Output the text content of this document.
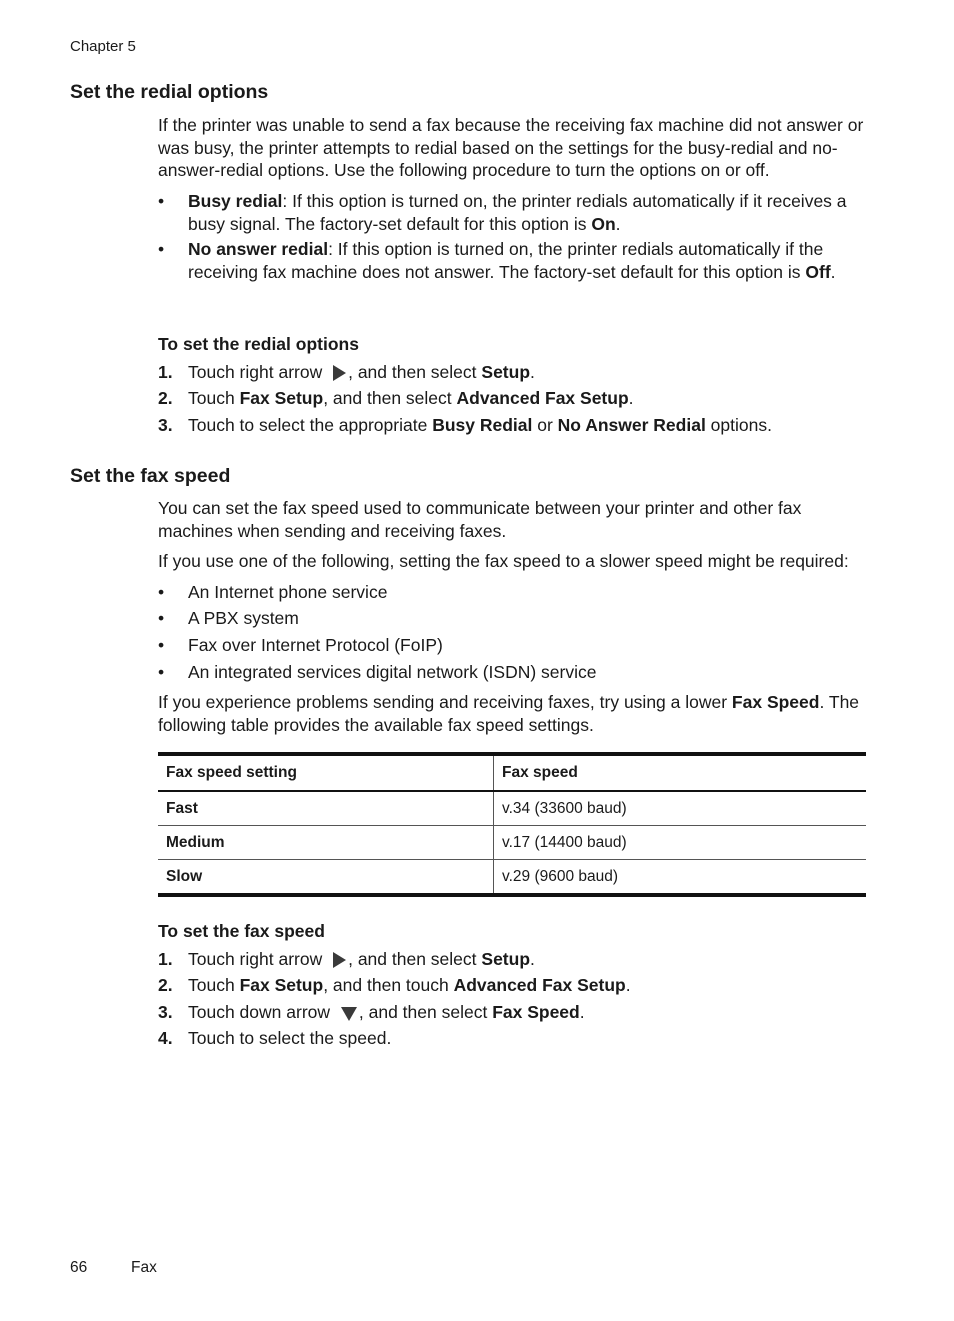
Chapter 5
Set the redial options

If the printer was unable to send a fax because the receiving fax machine did not answer or was busy, the printer attempts to redial based on the settings for the busy-redial and no-answer-redial options. Use the following procedure to turn the options on or off.

• Busy redial: If this option is turned on, the printer redials automatically if it receives a busy signal. The factory-set default for this option is On.
• No answer redial: If this option is turned on, the printer redials automatically if the receiving fax machine does not answer. The factory-set default for this option is Off.
To set the redial options
1. Touch right arrow , and then select Setup.
2. Touch Fax Setup, and then select Advanced Fax Setup.
3. Touch to select the appropriate Busy Redial or No Answer Redial options.
Set the fax speed

You can set the fax speed used to communicate between your printer and other fax machines when sending and receiving faxes.

If you use one of the following, setting the fax speed to a slower speed might be required:

• An Internet phone service
• A PBX system
• Fax over Internet Protocol (FoIP)
• An integrated services digital network (ISDN) service

If you experience problems sending and receiving faxes, try using a lower Fax Speed. The following table provides the available fax speed settings.

Fax speed setting	Fax speed
Fast	v.34 (33600 baud)
Medium	v.17 (14400 baud)
Slow	v.29 (9600 baud)
To set the fax speed
1. Touch right arrow , and then select Setup.
2. Touch Fax Setup, and then touch Advanced Fax Setup.
3. Touch down arrow , and then select Fax Speed.
4. Touch to select the speed.
66	Fax
